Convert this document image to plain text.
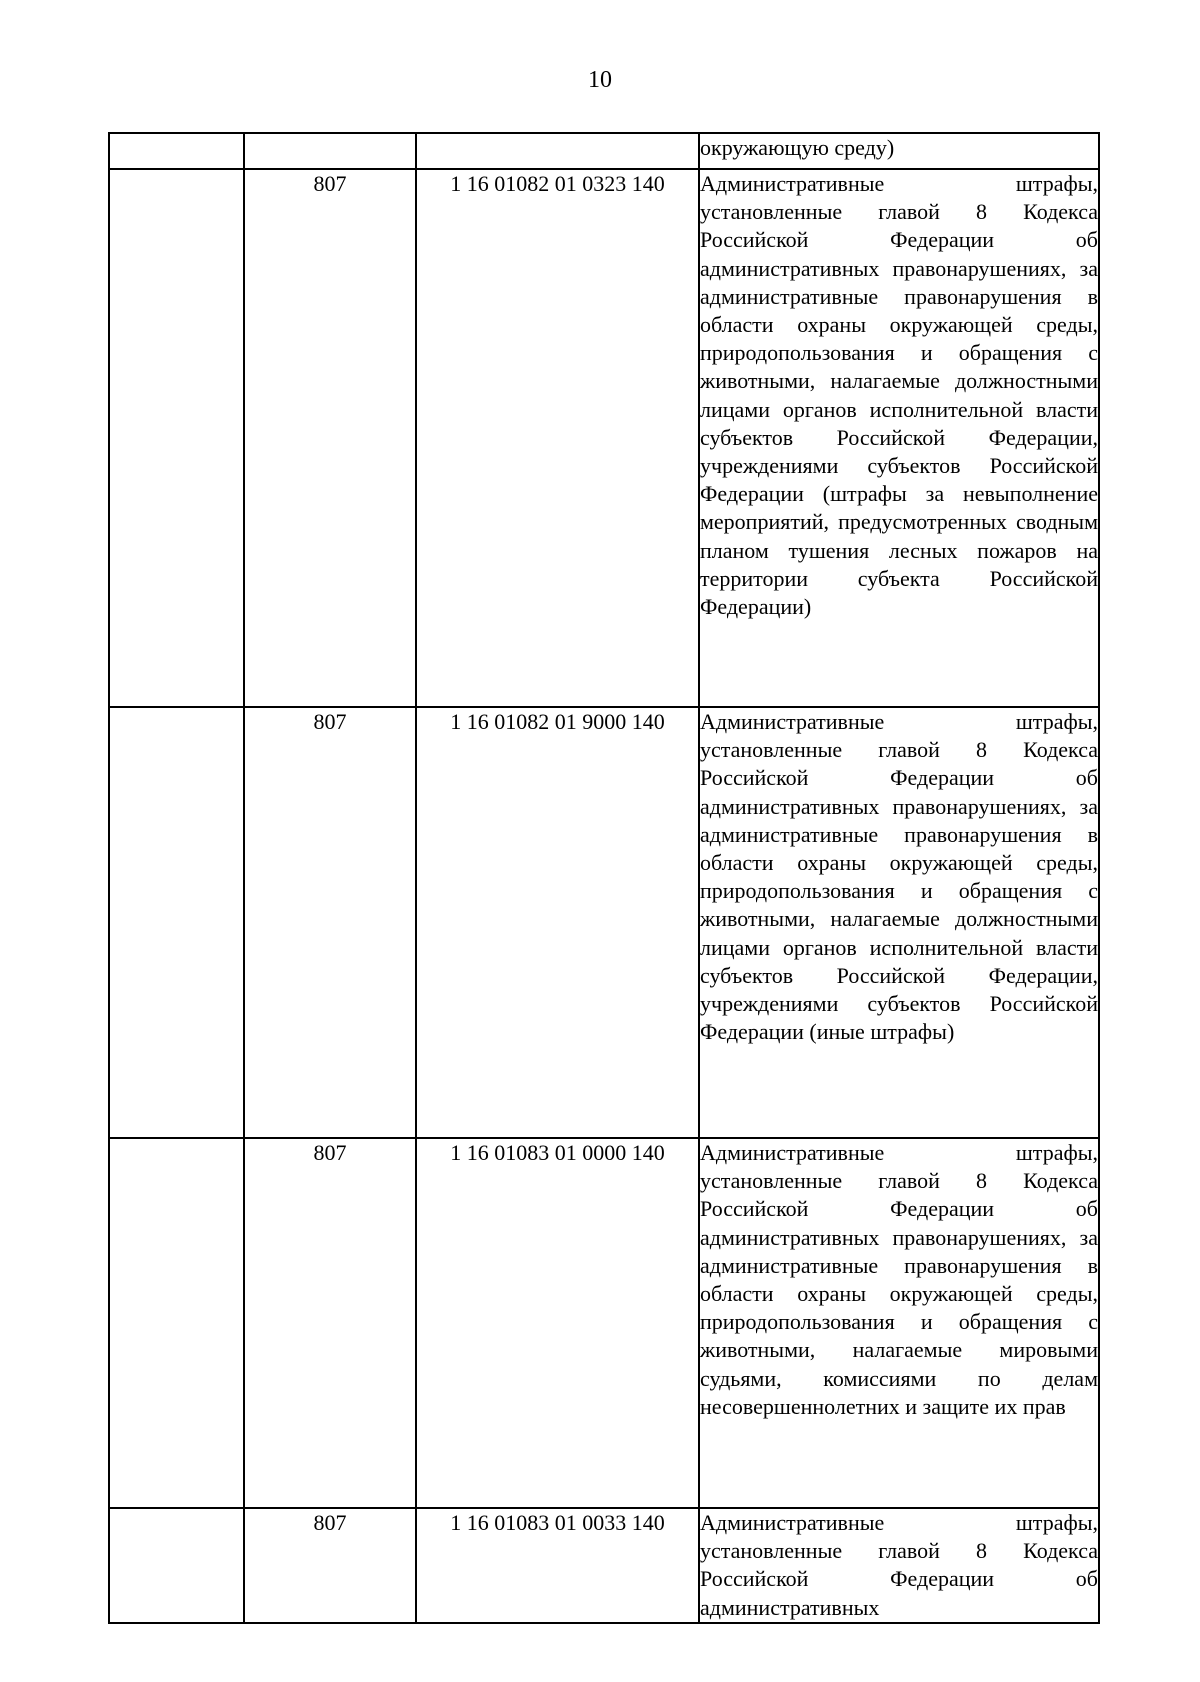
10
			окружающую среду)
	807	1 16 01082 01 0323 140	Административные штрафы, установленные главой 8 Кодекса Российской Федерации об административных правонарушениях, за административные правонарушения в области охраны окружающей среды, природопользования и обращения с животными, налагаемые должностными лицами органов исполнительной власти субъектов Российской Федерации, учреждениями субъектов Российской Федерации (штрафы за невыполнение мероприятий, предусмотренных сводным планом тушения лесных пожаров на территории субъекта Российской Федерации)
	807	1 16 01082 01 9000 140	Административные штрафы, установленные главой 8 Кодекса Российской Федерации об административных правонарушениях, за административные правонарушения в области охраны окружающей среды, природопользования и обращения с животными, налагаемые должностными лицами органов исполнительной власти субъектов Российской Федерации, учреждениями субъектов Российской Федерации (иные штрафы)
	807	1 16 01083 01 0000 140	Административные штрафы, установленные главой 8 Кодекса Российской Федерации об административных правонарушениях, за административные правонарушения в области охраны окружающей среды, природопользования и обращения с животными, налагаемые мировыми судьями, комиссиями по делам несовершеннолетних и защите их прав
	807	1 16 01083 01 0033 140	Административные штрафы, установленные главой 8 Кодекса Российской Федерации об административных
